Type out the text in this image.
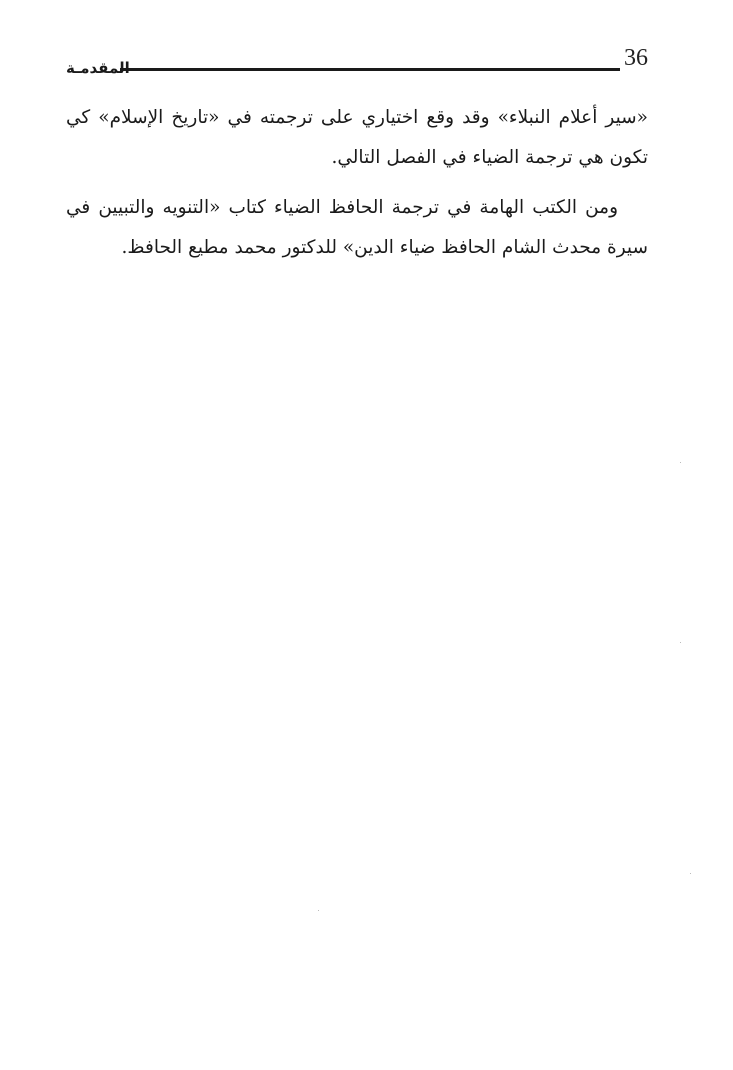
36
المقدمـة

«سير أعلام النبلاء» وقد وقع اختياري على ترجمته في «تاريخ الإسلام» كي تكون هي ترجمة الضياء في الفصل التالي.

ومن الكتب الهامة في ترجمة الحافظ الضياء كتاب «التنويه والتبيين في سيرة محدث الشام الحافظ ضياء الدين» للدكتور محمد مطيع الحافظ.
